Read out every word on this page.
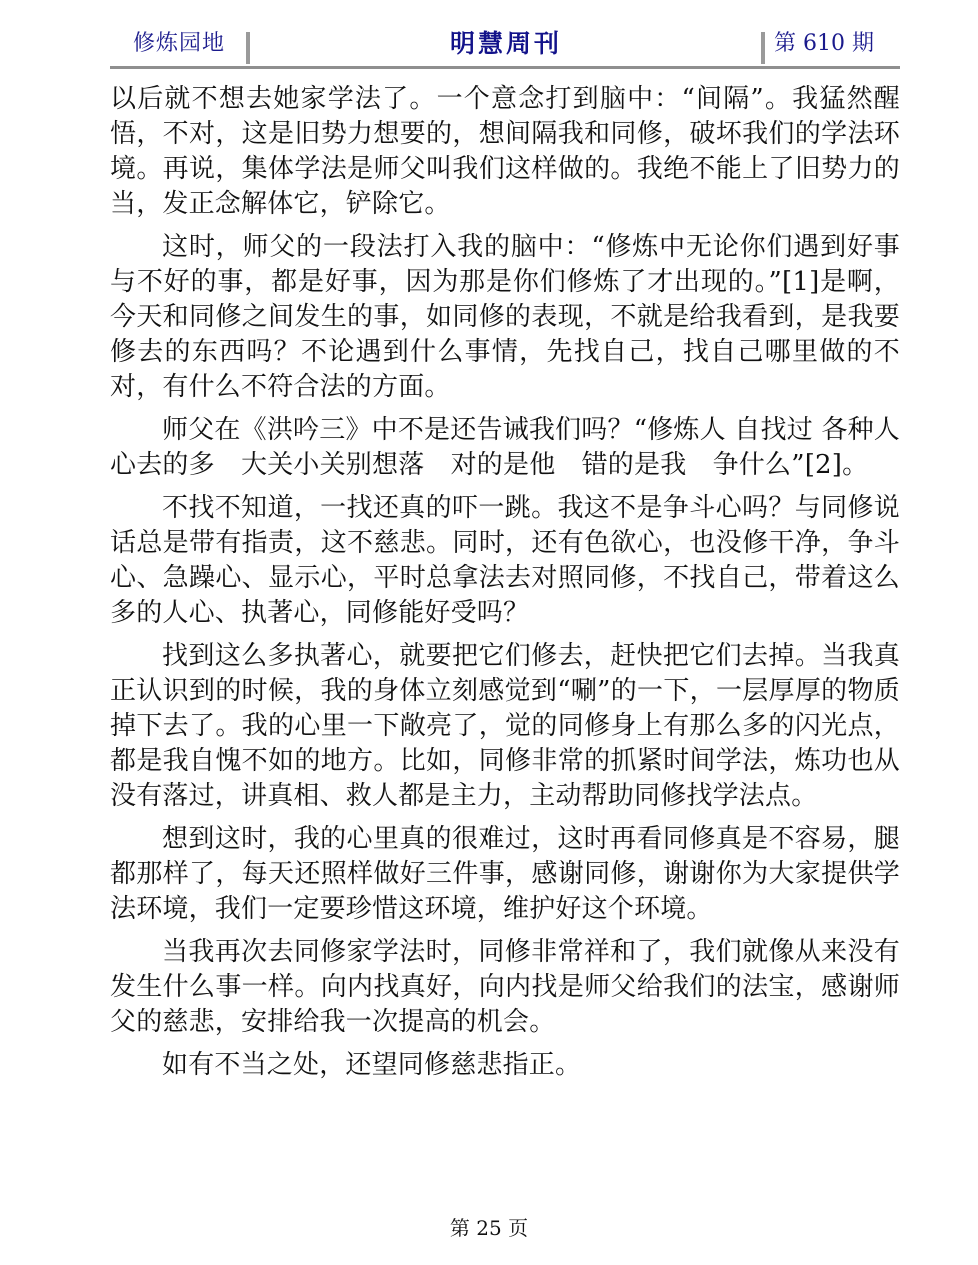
修炼园地	明慧周刊	第 610 期

以后就不想去她家学法了。一个意念打到脑中：“间隔”。我猛然醒悟，不对，这是旧势力想要的，想间隔我和同修，破坏我们的学法环境。再说，集体学法是师父叫我们这样做的。我绝不能上了旧势力的当，发正念解体它，铲除它。

这时，师父的一段法打入我的脑中：“修炼中无论你们遇到好事与不好的事，都是好事，因为那是你们修炼了才出现的。”[1]是啊，今天和同修之间发生的事，如同修的表现，不就是给我看到，是我要修去的东西吗？不论遇到什么事情，先找自己，找自己哪里做的不对，有什么不符合法的方面。

师父在《洪吟三》中不是还告诫我们吗？“修炼人 自找过 各种人心去的多　大关小关别想落　对的是他　错的是我　争什么”[2]。

不找不知道，一找还真的吓一跳。我这不是争斗心吗？与同修说话总是带有指责，这不慈悲。同时，还有色欲心，也没修干净，争斗心、急躁心、显示心，平时总拿法去对照同修，不找自己，带着这么多的人心、执著心，同修能好受吗？

找到这么多执著心，就要把它们修去，赶快把它们去掉。当我真正认识到的时候，我的身体立刻感觉到“唰”的一下，一层厚厚的物质掉下去了。我的心里一下敞亮了，觉的同修身上有那么多的闪光点，都是我自愧不如的地方。比如，同修非常的抓紧时间学法，炼功也从没有落过，讲真相、救人都是主力，主动帮助同修找学法点。

想到这时，我的心里真的很难过，这时再看同修真是不容易，腿都那样了，每天还照样做好三件事，感谢同修，谢谢你为大家提供学法环境，我们一定要珍惜这环境，维护好这个环境。

当我再次去同修家学法时，同修非常祥和了，我们就像从来没有发生什么事一样。向内找真好，向内找是师父给我们的法宝，感谢师父的慈悲，安排给我一次提高的机会。

如有不当之处，还望同修慈悲指正。

第 25 页
